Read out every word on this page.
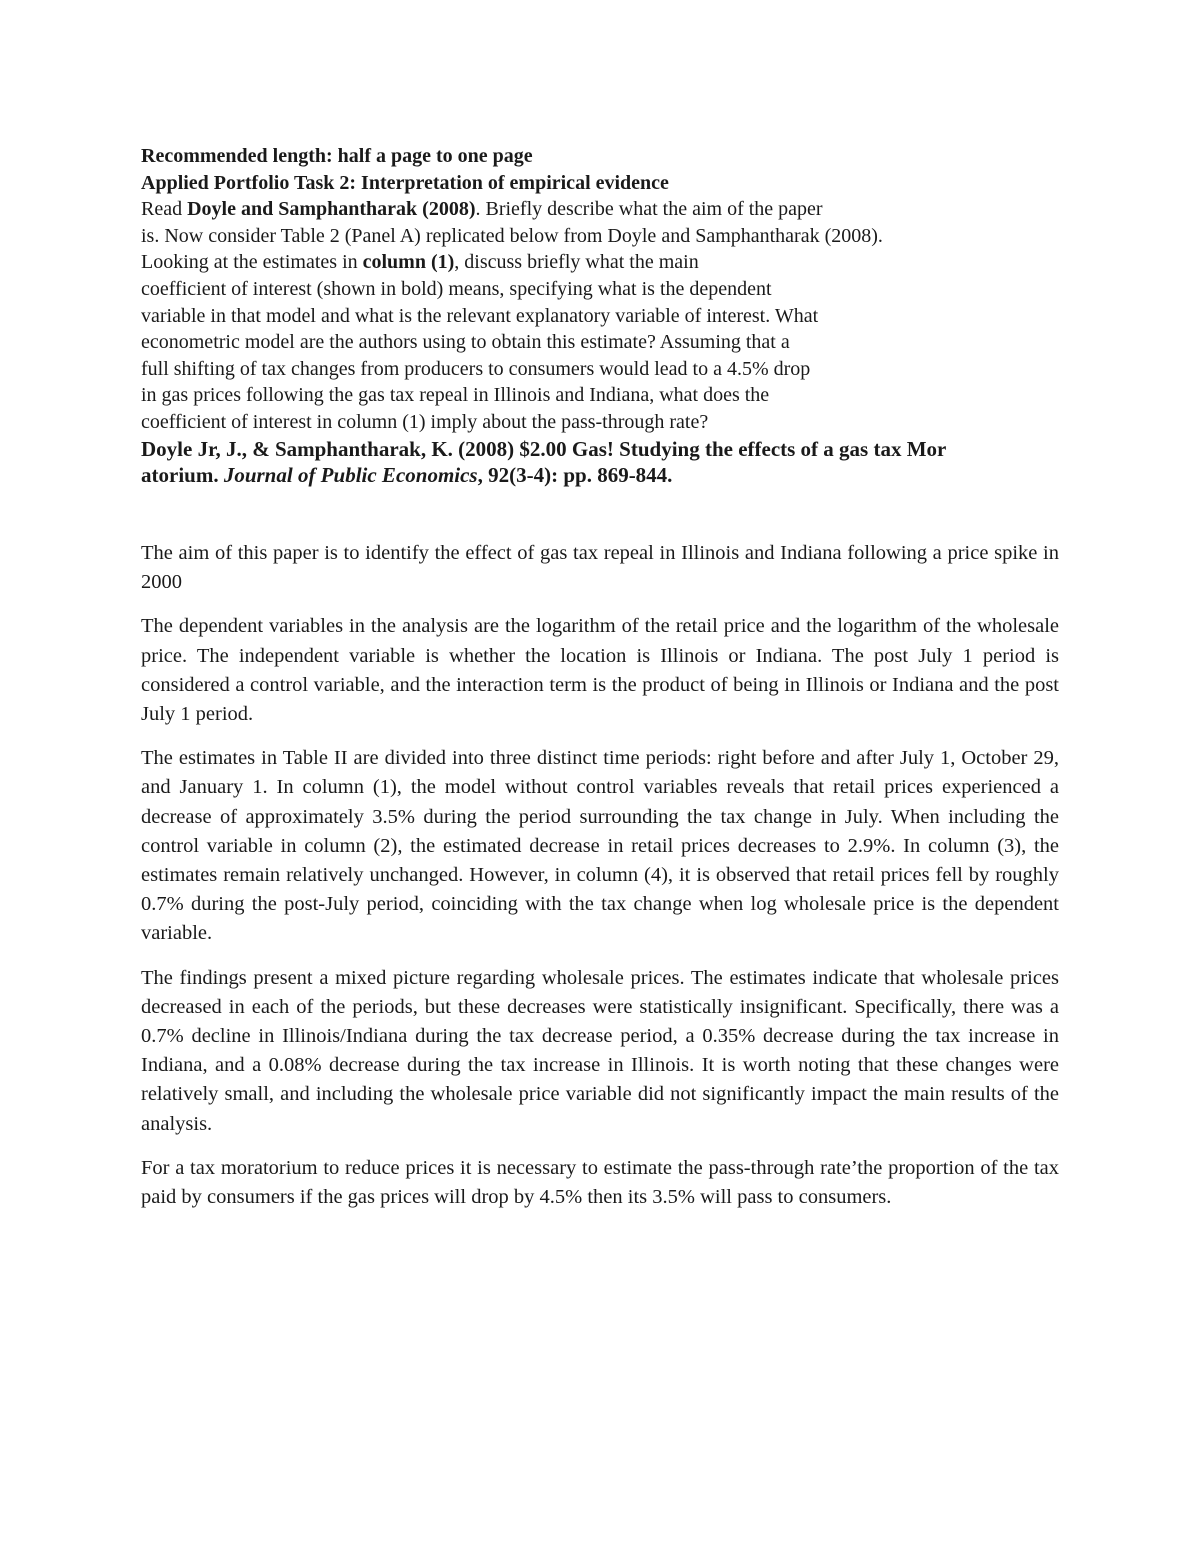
Recommended length: half a page to one page
Applied Portfolio Task 2: Interpretation of empirical evidence
Read Doyle and Samphantharak (2008). Briefly describe what the aim of the paper
is. Now consider Table 2 (Panel A) replicated below from Doyle and Samphantharak (2008).
Looking at the estimates in column (1), discuss briefly what the main
coefficient of interest (shown in bold) means, specifying what is the dependent
variable in that model and what is the relevant explanatory variable of interest. What
econometric model are the authors using to obtain this estimate? Assuming that a
full shifting of tax changes from producers to consumers would lead to a 4.5% drop
in gas prices following the gas tax repeal in Illinois and Indiana, what does the
coefficient of interest in column (1) imply about the pass-through rate?
Doyle Jr, J., & Samphantharak, K. (2008) $2.00 Gas! Studying the effects of a gas tax Mor
atorium. Journal of Public Economics, 92(3-4): pp. 869-844.

The aim of this paper is to identify the effect of gas tax repeal in Illinois and Indiana following a price spike in 2000

The dependent variables in the analysis are the logarithm of the retail price and the logarithm of the wholesale price. The independent variable is whether the location is Illinois or Indiana. The post July 1 period is considered a control variable, and the interaction term is the product of being in Illinois or Indiana and the post July 1 period.

The estimates in Table II are divided into three distinct time periods: right before and after July 1, October 29, and January 1. In column (1), the model without control variables reveals that retail prices experienced a decrease of approximately 3.5% during the period surrounding the tax change in July. When including the control variable in column (2), the estimated decrease in retail prices decreases to 2.9%. In column (3), the estimates remain relatively unchanged. However, in column (4), it is observed that retail prices fell by roughly 0.7% during the post-July period, coinciding with the tax change when log wholesale price is the dependent variable.

The findings present a mixed picture regarding wholesale prices. The estimates indicate that wholesale prices decreased in each of the periods, but these decreases were statistically insignificant. Specifically, there was a 0.7% decline in Illinois/Indiana during the tax decrease period, a 0.35% decrease during the tax increase in Indiana, and a 0.08% decrease during the tax increase in Illinois. It is worth noting that these changes were relatively small, and including the wholesale price variable did not significantly impact the main results of the analysis.

For a tax moratorium to reduce prices it is necessary to estimate the pass-through rate’the proportion of the tax paid by consumers if the gas prices will drop by 4.5% then its 3.5% will pass to consumers.
